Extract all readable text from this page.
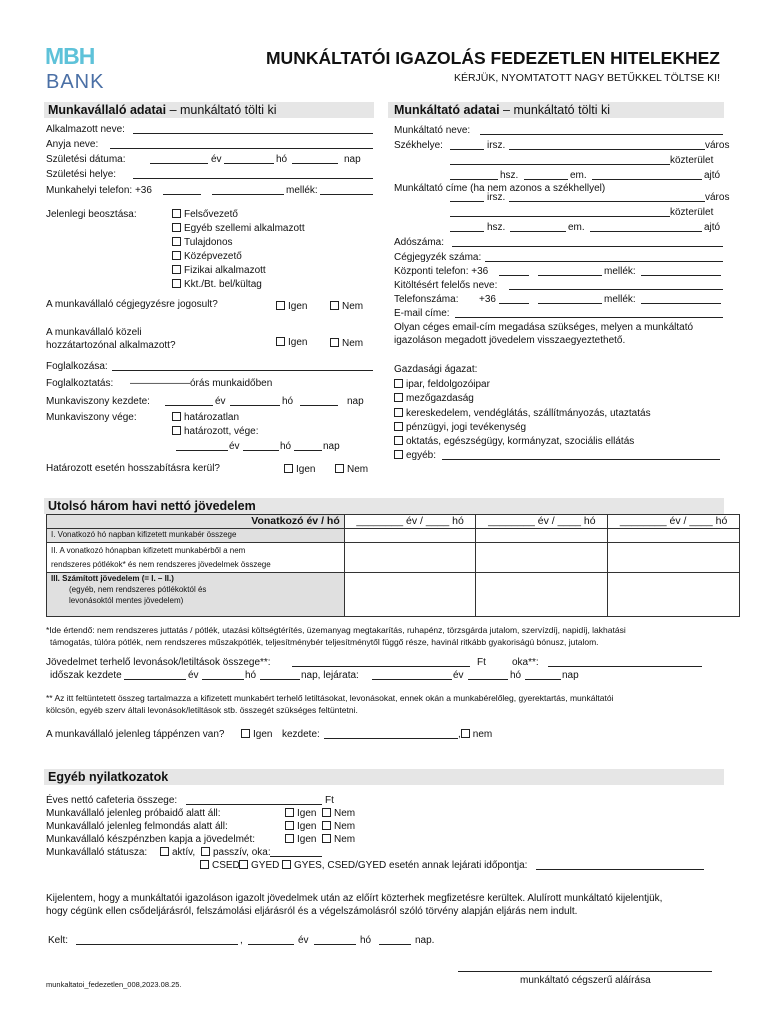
MBH
BANK
MUNKÁLTATÓI IGAZOLÁS FEDEZETLEN HITELEKHEZ
KÉRJÜK, NYOMTATOTT NAGY BETŰKKEL TÖLTSE KI!
Munkavállaló adatai – munkáltató tölti ki	Munkáltató adatai – munkáltató tölti ki
Alkalmazott neve:
Anyja neve:
Születési dátuma:	év	hó	nap
Születési helye:
Munkahelyi telefon: +36	mellék:
Jelenlegi beosztása:	Felsővezető
Egyéb szellemi alkalmazott
Tulajdonos
Középvezető
Fizikai alkalmazott
Kkt./Bt. bel/kültag
A munkavállaló cégjegyzésre jogosult?	Igen	Nem
A munkavállaló közeli
hozzátartozónal alkalmazott?	Igen	Nem
Foglalkozása:
Foglalkoztatás: —————— órás munkaidőben
Munkaviszony kezdete:	év	hó	nap
Munkaviszony vége:	határozatlan
határozott, vége:
év	hó	nap
Határozott esetén hosszabításra kerül?	Igen	Nem
Munkáltató neve:
Székhelye:	irsz.	város
közterület
hsz.	em.	ajtó
Munkáltató címe (ha nem azonos a székhellyel)
irsz.	város
közterület
hsz.	em.	ajtó
Adószáma:
Cégjegyzék száma:
Központi telefon: +36	mellék:
Kitöltésért felelős neve:
Telefonszáma: +36	mellék:
E-mail címe:
Olyan céges email-cím megadása szükséges, melyen a munkáltató
igazoláson megadott jövedelem visszaegyeztethető.
Gazdasági ágazat:
ipar, feldolgozóipar
mezőgazdaság
kereskedelem, vendéglátás, szállítmányozás, utaztatás
pénzügyi, jogi tevékenység
oktatás, egészségügy, kormányzat, szociális ellátás
egyéb:
Utolsó három havi nettó jövedelem
Vonatkozó év / hó	________ év / ____ hó	________ év / ____ hó	________ év / ____ hó
I. Vonatkozó hó napban kifizetett munkabér összege			

II. A vonatkozó hónapban kifizetett munkabérből a nem
rendszeres pótlékok* és nem rendszeres jövedelmek összege			

III. Számított jövedelem (= I. – II.)
(egyéb, nem rendszeres pótlékoktól és
levonásoktól mentes jövedelem)			

*Ide értendő: nem rendszeres juttatás / pótlék, utazási költségtérítés, üzemanyag megtakarítás, ruhapénz, törzsgárda jutalom, szervízdíj, napidíj, lakhatási
támogatás, túlóra pótlék, nem rendszeres műszakpótlék, teljesítménybér teljesítménytől függő része, havinál ritkább gyakoriságú bónusz, jutalom.
Jövedelmet terhelő levonások/letiltások összege**:	Ft	oka**:
időszak kezdete	év	hó	nap, lejárata:	év	hó	nap
** Az itt feltüntetett összeg tartalmazza a kifizetett munkabért terhelő letiltásokat, levonásokat, ennek okán a munkabérelőleg, gyerektartás, munkáltatói
kölcsön, egyéb szerv általi levonások/letiltások stb. összegét szükséges feltüntetni.
A munkavállaló jelenleg táppénzen van?	Igen kezdete:	, nem
Egyéb nyilatkozatok
Éves nettó cafeteria összege:	Ft
Munkavállaló jelenleg próbaidő alatt áll:	Igen	Nem
Munkavállaló jelenleg felmondás alatt áll:	Igen	Nem
Munkavállaló készpénzben kapja a jövedelmét:	Igen	Nem
Munkavállaló státusza:	aktív,	passzív, oka:
CSED	GYED	GYES, CSED/GYED esetén annak lejárati időpontja:
Kijelentem, hogy a munkáltatói igazoláson igazolt jövedelmek után az előírt közterhek megfizetésre kerültek. Alulírott munkáltató kijelentjük,
hogy cégünk ellen csődeljárásról, felszámolási eljárásról és a végelszámolásról szóló törvény alapján eljárás nem indult.
Kelt:	,	év	hó	nap.
munkáltató cégszerű aláírása
munkaltatoi_fedezetlen_008,2023.08.25.
